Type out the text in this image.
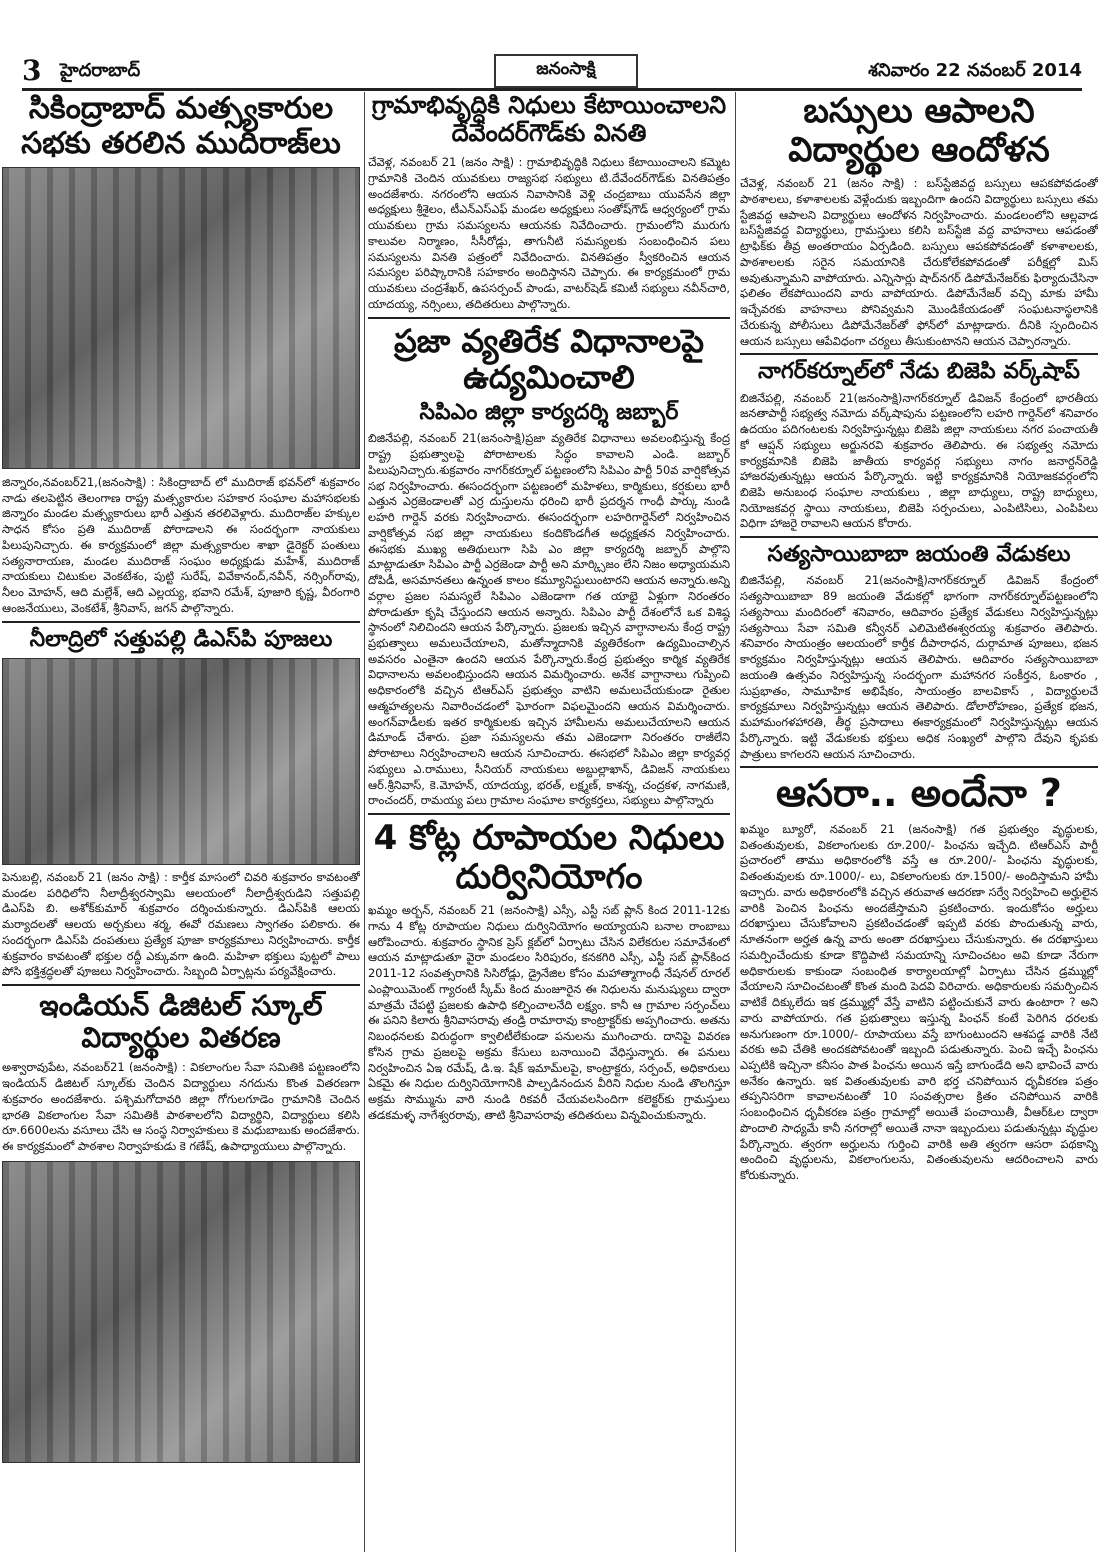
3 హైదరాబాద్	జనంసాక్షి	శనివారం 22 నవంబర్ 2014
సికింద్రాబాద్ మత్స్యకారుల సభకు తరలిన ముదిరాజ్‌లు

జిన్నారం,నవంబర్21,(జనంసాక్షి) : సికింద్రాబాద్ లో ముదిరాజ్ భవన్‌లో శుక్రవారం నాడు తలపెట్టిన తెలంగాణ రాష్ట్ర మత్స్యకారుల సహకార సంఘాల మహాసభలకు జిన్నారం మండల మత్స్యకారులు భారీ ఎత్తున తరలివెళ్లారు. ముదిరాజ్‌ల హక్కుల సాధన కోసం ప్రతి ముదిరాజ్ పోరాడాలని ఈ సందర్భంగా నాయకులు పిలుపునిచ్చారు. ఈ కార్యక్రమంలో జిల్లా మత్స్యకారుల శాఖా డైరెక్టర్ పంతులు సత్యనారాయణ, మండల ముదిరాజ్ సంఘం అధ్యక్షుడు మహేశ్, ముదిరాజ్ నాయకులు చిటుకుల వెంకటేశం, పుట్టి సురేష్, వివేకానంద్,నవీన్, నర్సింగ్‌రావు, నీలం మోహన్, ఆది మల్లేశ్, ఆది ఎల్లయ్య, భవాని రమేశ్, పూజారి కృష్ణ, వీరంగారి ఆంజనేయులు, వెంకటేశ్, శ్రీనివాస్, జగన్ పాల్గొన్నారు.

నీలాద్రిలో సత్తుపల్లి డిఎస్‌పి పూజలు

పెనుబల్లి, నవంబర్ 21 (జనం సాక్షి) : కార్తీక మాసంలో చివరి శుక్రవారం కావటంతో మండల పరిధిలోని నీలాద్రీశ్వరస్వామి ఆలయంలో నీలాద్రీశ్వరుడిని సత్తుపల్లి డిఎస్‌పి బి. అశోక్‌కుమార్ శుక్రవారం దర్శించుకున్నారు. డిఎస్‌పికి ఆలయ మర్యాదలతో ఆలయ అర్చకులు శర్మ, ఈవో రమణలు స్వాగతం పలికారు. ఈ సందర్భంగా డిఎస్‌పి దంపతులు ప్రత్యేక పూజా కార్యక్రమాలు నిర్వహించారు. కార్తీక శుక్రవారం కావటంతో భక్తుల రద్దీ ఎక్కువగా ఉంది. మహిళా భక్తులు పుట్టలో పాలు పోసి భక్తిశ్రద్ధలతో పూజలు నిర్వహించారు. సిబ్బంది ఏర్పాట్లను పర్యవేక్షించారు.

ఇండియన్ డిజిటల్ స్కూల్ విద్యార్థుల వితరణ

అశ్వారావుపేట, నవంబర్21 (జనంసాక్షి) : వికలాంగుల సేవా సమితికి పట్టణంలోని ఇండియన్ డిజిటల్ స్కూల్‌కు చెందిన విద్యార్థులు నగదును కొంత వితరణగా శుక్రవారం అందజేశారు. పశ్చిమగోదావరి జిల్లా గోగులగూడెం గ్రామానికి చెందిన భారతి వికలాంగుల సేవా సమితికి పాఠశాలలోని విద్యార్థిని, విద్యార్థులు కలిసి రూ.6600లను వసూలు చేసి ఆ సంస్థ నిర్వాహకులు కె మధుబాబుకు అందజేశారు. ఈ కార్యక్రమంలో పాఠశాల నిర్వాహకుడు కె గణేష్, ఉపాధ్యాయులు పాల్గొన్నారు.

గ్రామాభివృద్ధికి నిధులు కేటాయించాలని దేవేందర్‌గౌడ్‌కు వినతి

చేవెళ్ల, నవంబర్ 21 (జనం సాక్షి) : గ్రామాభివృద్ధికి నిధులు కేటాయించాలని కమ్మెట గ్రామానికి చెందిన యువకులు రాజ్యసభ సభ్యులు టి.దేవేందర్‌గౌడ్‌కు వినతిపత్రం అందజేశారు. నగరంలోని ఆయన నివాసానికి వెళ్లి చంద్రబాబు యువసేన జిల్లా అధ్యక్షులు శ్రీశైలం, టీఎన్‌ఎస్‌ఎఫ్ మండల అధ్యక్షులు సంతోష్‌గౌడ్ ఆధ్వర్యంలో గ్రామ యువకులు గ్రామ సమస్యలను ఆయనకు నివేదించారు. గ్రామంలోని మురుగు కాలువల నిర్మాణం, సీసీరోడ్లు, తాగునీటి సమస్యలకు సంబంధించిన పలు సమస్యలను వినతి పత్రంలో నివేదించారు. వినతిపత్రం స్వీకరించిన ఆయన సమస్యల పరిష్కారానికి సహకారం అందిస్తానని చెప్పారు. ఈ కార్యక్రమంలో గ్రామ యువకులు చంద్రశేఖర్, ఉపసర్పంచ్ పాండు, వాటర్‌షెడ్ కమిటీ సభ్యులు నవీన్‌చారి, యాదయ్య, నర్సింలు, తదితరులు పాల్గొన్నారు.

ప్రజా వ్యతిరేక విధానాలపై ఉద్యమించాలి
సిపిఎం జిల్లా కార్యదర్శి జబ్బార్

బిజినేపల్లి, నవంబర్ 21(జనంసాక్షి)ప్రజా వ్యతిరేక విధానాలు అవలంభిస్తున్న కేంద్ర రాష్ట్ర ప్రభుత్వాలపై పోరాటాలకు సిద్ధం కావాలని ఎండి. జబ్బార్ పిలుపునిచ్చారు.శుక్రవారం నాగర్‌కర్నూల్ పట్టణంలోని సిపిఎం పార్టీ 50వ వార్షికోత్సవ సభ నిర్వహించారు. ఈసందర్భంగా పట్టణంలో మహిళలు, కార్మికులు, కర్షకులు భారీ ఎత్తున ఎర్రజెండాలతో ఎర్ర దుస్తులను ధరించి భారీ ప్రదర్శన గాంధీ పార్కు నుండి లహరి గార్డెన్ వరకు నిర్వహించారు. ఈసందర్భంగా లహరిగార్డెన్‌లో నిర్వహించిన వార్షికోత్సవ సభ జిల్లా నాయకులు కందికొండగీత అధ్యక్షతన నిర్వహించారు. ఈసభకు ముఖ్య అతిథులుగా సిపి ఎం జిల్లా కార్యదర్శి జబ్బార్ పాల్గొని మాట్లాడుతూ సిపిఎం పార్టీ ఎర్రజెండా పార్టీ అని మార్క్సిజం లేని నిజం అధ్యాయమని దోపిడీ, అసమానతలు ఉన్నంత కాలం కమ్యూనిస్టులుంటారని ఆయన అన్నారు.అన్ని వర్గాల ప్రజల సమస్యలే సిపిఎం ఎజెండాగా గత యాభై ఏళ్లుగా నిరంతరం పోరాడుతూ కృషి చేస్తుందని ఆయన అన్నారు. సిపిఎం పార్టీ దేశంలోనే ఒక విశిష్ఠ స్థానంలో నిలిచిందని ఆయన పేర్కొన్నారు. ప్రజలకు ఇచ్చిన వాగ్ధానాలను కేంద్ర రాష్ట్ర ప్రభుత్వాలు అమలుచేయాలని, మతోన్మాదానికి వ్యతిరేకంగా ఉద్యమించాల్సిన అవసరం ఎంతైనా ఉందని ఆయన పేర్కొన్నారు.కేంద్ర ప్రభుత్వం కార్మిక వ్యతిరేక విధానాలను అవలంభిస్తుందని ఆయన విమర్శించారు. అనేక వాగ్దానాలు గుప్పించి అధికారంలోకి వచ్చిన టిఆర్‌ఎస్ ప్రభుత్వం వాటిని అమలుచేయకుండా రైతుల ఆత్మహత్యలను నివారించడంలో ఘోరంగా విఫలమైందని ఆయన విమర్శించారు. అంగన్‌వాడీలకు ఇతర కార్మికులకు ఇచ్చిన హామీలను అమలుచేయాలని ఆయన డిమాండ్ చేశారు. ప్రజా సమస్యలను తమ ఎజెండాగా నిరంతరం రాజీలేని పోరాటాలు నిర్వహించాలని ఆయన సూచించారు. ఈసభలో సిపిఎం జిల్లా కార్యవర్గ సభ్యులు ఎ.రాములు, సీనియర్ నాయకులు అబ్దుల్లాఖాన్, డివిజన్ నాయకులు ఆర్.శ్రీనివాస్, కె.మోహన్, యాదయ్య, భరత్, లక్ష్మణ్, కాశన్న, చంద్రకళ, నాగమణి, రాంచందర్, రామయ్య పలు గ్రామాల సంఘాల కార్యకర్తలు, సభ్యులు పాల్గొన్నారు

4 కోట్ల రూపాయల నిధులు దుర్వినియోగం

ఖమ్మం అర్బన్, నవంబర్ 21 (జనంసాక్షి) ఎస్సీ, ఎస్టీ సబ్ ప్లాన్ కింద 2011-12కు గాను 4 కోట్ల రూపాయల నిధులు దుర్వినియోగం అయ్యాయని బనాల రాంబాబు ఆరోపించారు. శుక్రవారం స్థానిక ప్రెస్ క్లబ్‌లో ఏర్పాటు చేసిన విలేకరుల సమావేశంలో ఆయన మాట్లాడుతూ వైరా మండలం సిరిపురం, కనకగిరి ఎస్సీ, ఎస్టీ సబ్ ప్లాన్‌కింద 2011-12 సంవత్సరానికి సిసిరోడ్లు, డ్రైనేజిల కోసం మహాత్మాగాంధీ నేషనల్ రూరల్ ఎంప్లాయిమెంట్ గ్యారంటీ స్కీమ్ కింద మంజూరైన ఈ నిధులను మనుష్యులు ద్వారా మాత్రమే చేపట్టి ప్రజలకు ఉపాధి కల్పించాలనేది లక్ష్యం. కానీ ఆ గ్రామాల సర్పంచ్‌లు ఈ పనిని కిలారు శ్రీనివాసరావు తండ్రి రామారావు కాంట్రాక్టర్‌కు అప్పగించారు. అతను నిబంధనలకు విరుద్ధంగా క్వాలిటీలేకుండా పనులను ముగించారు. దానిపై వివరణ కోసిన గ్రామ ప్రజలపై అక్రమ కేసులు బనాయించి వేధిస్తున్నారు. ఈ పనులు నిర్వహించిన ఏఇ రమేష్, డి.ఇ. షేక్ ఇమామ్‌లపై, కాంట్రాక్టరు, సర్పంచ్, అధికారులు ఏకమై ఈ నిధుల దుర్వినియోగానికి పాల్పడినందున వీరిని నిధుల నుండి తొలగిస్తూ అక్రమ సొమ్మును వారి నుండి రికవరీ చేయవలసిందిగా కలెక్టర్‌కు గ్రామస్తులు తడకమళ్ళ నాగేశ్వరరావు, తాటి శ్రీనివాసరావు తదితరులు విన్నవించుకున్నారు.

బస్సులు ఆపాలని విద్యార్థుల ఆందోళన

చేవెళ్ల, నవంబర్ 21 (జనం సాక్షి) : బస్‌స్టేజివద్ద బస్సులు ఆపకపోవడంతో పాఠశాలలు, కళాశాలలకు వెళ్లేందుకు ఇబ్బందిగా ఉందని విద్యార్థులు బస్సులు తమ స్టేజివద్ద ఆపాలని విద్యార్థులు ఆందోళన నిర్వహించారు. మండలంలోని ఆల్లవాడ బస్‌స్టేజివద్ద విద్యార్థులు, గ్రామస్తులు కలిసి బస్‌స్టేజి వద్ద వాహనాలు ఆపడంతో ట్రాఫిక్‌కు తీవ్ర అంతరాయం ఏర్పడింది. బస్సులు ఆపకపోవడంతో కళాశాలలకు, పాఠశాలలకు సరైన సమయానికి చేరుకోలేకపోవడంతో పరీక్షల్లో మిస్ అవుతున్నామని వాపోయారు. ఎన్నిసార్లు షాద్‌నగర్ డిపోమేనేజర్‌కు ఫిర్యాదుచేసినా ఫలితం లేకపోయిందని వారు వాపోయారు. డిపోమేనేజర్ వచ్చి మాకు హామీ ఇచ్చేవరకు వాహనాలు పోనివ్వమని మొండికేయడంతో సంఘటనాస్థలానికి చేరుకున్న పోలీసులు డిపోమేనేజర్‌తో ఫోన్‌లో మాట్లాడారు. దీనికి స్పందించిన ఆయన బస్సులు ఆపేవిధంగా చర్యలు తీసుకుంటానని ఆయన చెప్పారన్నారు.

నాగర్‌కర్నూల్‌లో నేడు బిజెపి వర్క్‌షాప్

బిజినేపల్లి, నవంబర్ 21(జనంసాక్షి)నాగర్‌కర్నూల్ డివిజన్ కేంద్రంలో భారతీయ జనతాపార్టీ సభ్యత్వ నమోదు వర్క్‌షాపును పట్టణంలోని లహరి గార్డెన్‌లో శనివారం ఉదయం పదిగంటలకు నిర్వహిస్తున్నట్లు బిజెపి జిల్లా నాయకులు నగర పంచాయతీ కో ఆప్షన్ సభ్యులు అర్జునరవి శుక్రవారం తెలిపారు. ఈ సభ్యత్వ నమోదు కార్యక్రమానికి బిజెపి జాతీయ కార్యవర్గ సభ్యులు నాగం జనార్దన్‌రెడ్డి హాజరవుతున్నట్లు ఆయన పేర్కొన్నారు. ఇట్టి కార్యక్రమానికి నియోజకవర్గంలోని బిజెపి అనుబంధ సంఘాల నాయకులు , జిల్లా బాధ్యులు, రాష్ట్ర బాధ్యులు, నియోజకవర్గ స్థాయి నాయకులు, బిజెపి సర్పంచులు, ఎంపిటిసిలు, ఎంపిపిలు విధిగా హాజరై రావాలని ఆయన కోరారు.

సత్యసాయిబాబా జయంతి వేడుకలు

బిజినేపల్లి, నవంబర్ 21(జనంసాక్షి)నాగర్‌కర్నూల్ డివిజన్ కేంద్రంలో సత్యసాయిబాబా 89 జయంతి వేడుకల్లో భాగంగా నాగర్‌కర్నూల్‌పట్టణంలోని సత్యసాయి మందిరంలో శనివారం, ఆదివారం ప్రత్యేక వేడుకలు నిర్వహిస్తున్నట్లు సత్యసాయి సేవా సమితి కన్వీనర్ ఎలిమెటిఈశ్వరయ్య శుక్రవారం తెలిపారు. శనివారం సాయంత్రం ఆలయంలో కార్తీక దీపారాధన, దుర్గామాత పూజలు, భజన కార్యక్రమం నిర్వహిస్తున్నట్లు ఆయన తెలిపారు. ఆదివారం సత్యసాయిబాబా జయంతి ఉత్సవం నిర్వహిస్తున్న సందర్భంగా మహానగర సంకీర్తన, ఓంకారం , సుప్రభాతం, సామూహిక అభిషేకం, సాయంత్రం బాలవికాస్ , విద్యార్థులచే కార్యక్రమాలు నిర్వహిస్తున్నట్లు ఆయన తెలిపారు. డోలారోహణం, ప్రత్యేక భజన, మహామంగళహారతి, తీర్థ ప్రసాదాలు ఈకార్యక్రమంలో నిర్వహిస్తున్నట్లు ఆయన పేర్కొన్నారు. ఇట్టి వేడుకలకు భక్తులు అధిక సంఖ్యలో పాల్గొని దేవుని కృపకు పాత్రులు కాగలరని ఆయన సూచించారు.

ఆసరా.. అందేనా ?

ఖమ్మం బ్యూరో, నవంబర్ 21 (జనంసాక్షి) గత ప్రభుత్వం వృద్ధులకు, వితంతువులకు, వికలాంగులకు రూ.200/- పింఛను ఇచ్చేది. టిఆర్‌ఎస్ పార్టీ ప్రచారంలో తాము అధికారంలోకి వస్తే ఆ రూ.200/- పింఛను వృద్ధులకు, వితంతువులకు రూ.1000/- లు, వికలాంగులకు రూ.1500/- అందిస్తామని హామీ ఇచ్చారు. వారు అధికారంలోకి వచ్చిన తరువాత ఆదరణా సర్వే నిర్వహించి అర్హులైన వారికి పెంచిన పింఛను అందజేస్తామని ప్రకటించారు. ఇందుకోసం అర్హులు దరఖాస్తులు చేసుకోవాలని ప్రకటించడంతో ఇప్పటి వరకు పొందుతున్న వారు, నూతనంగా అర్హత ఉన్న వారు అంతా దరఖాస్తులు చేసుకున్నారు. ఈ దరఖాస్తులు సమర్పించేందుకు కూడా కొద్దిపాటి సమయాన్ని సూచించటం అవి కూడా నేరుగా అధికారులకు కాకుండా సంబంధిత కార్యాలయాల్లో ఏర్పాటు చేసిన డ్రమ్ముల్లో వేయాలని సూచించటంతో కొంత మంది పెదవి విరిచారు. అధికారులకు సమర్పించిన వాటికే దిక్కులేదు ఇక డ్రమ్ముల్లో వేస్తే వాటిని పట్టించుకునే వారు ఉంటారా ? అని వారు వాపోయారు. గత ప్రభుత్వాలు ఇస్తున్న పింఛన్ కంటే పెరిగిన ధరలకు అనుగుణంగా రూ.1000/- రూపాయలు వస్తే బాగుంటుందని ఆశపడ్డ వారికి నేటి వరకు అవి చేతికి అందకపోవటంతో ఇబ్బంది పడుతున్నారు. పెంచి ఇచ్చే పింఛను ఎప్పటికి ఇచ్చినా కనీసం పాత పింఛను అయిన ఇస్తే బాగుండేది అని భావించే వారు అనేకం ఉన్నారు. ఇక వితంతువులకు వారి భర్త చనిపోయిన ధృవీకరణ పత్రం తప్పనిసరిగా కావాలనటంతో 10 సంవత్సరాల క్రితం చనిపోయిన వారికి సంబంధించిన ధృవీకరణ పత్రం గ్రామాల్లో అయితే పంచాయితీ, వీఆర్‌ఓల ద్వారా పొందాలి సాధ్యమే కానీ నగరాల్లో అయితే నానా ఇబ్బందులు పడుతున్నట్లు వృద్ధుల పేర్కొన్నారు. త్వరగా అర్హులను గుర్తించి వారికి అతి త్వరగా ఆసరా పథకాన్ని అందించి వృద్ధులను, వికలాంగులను, వితంతువులను ఆదరించాలని వారు కోరుకున్నారు.
